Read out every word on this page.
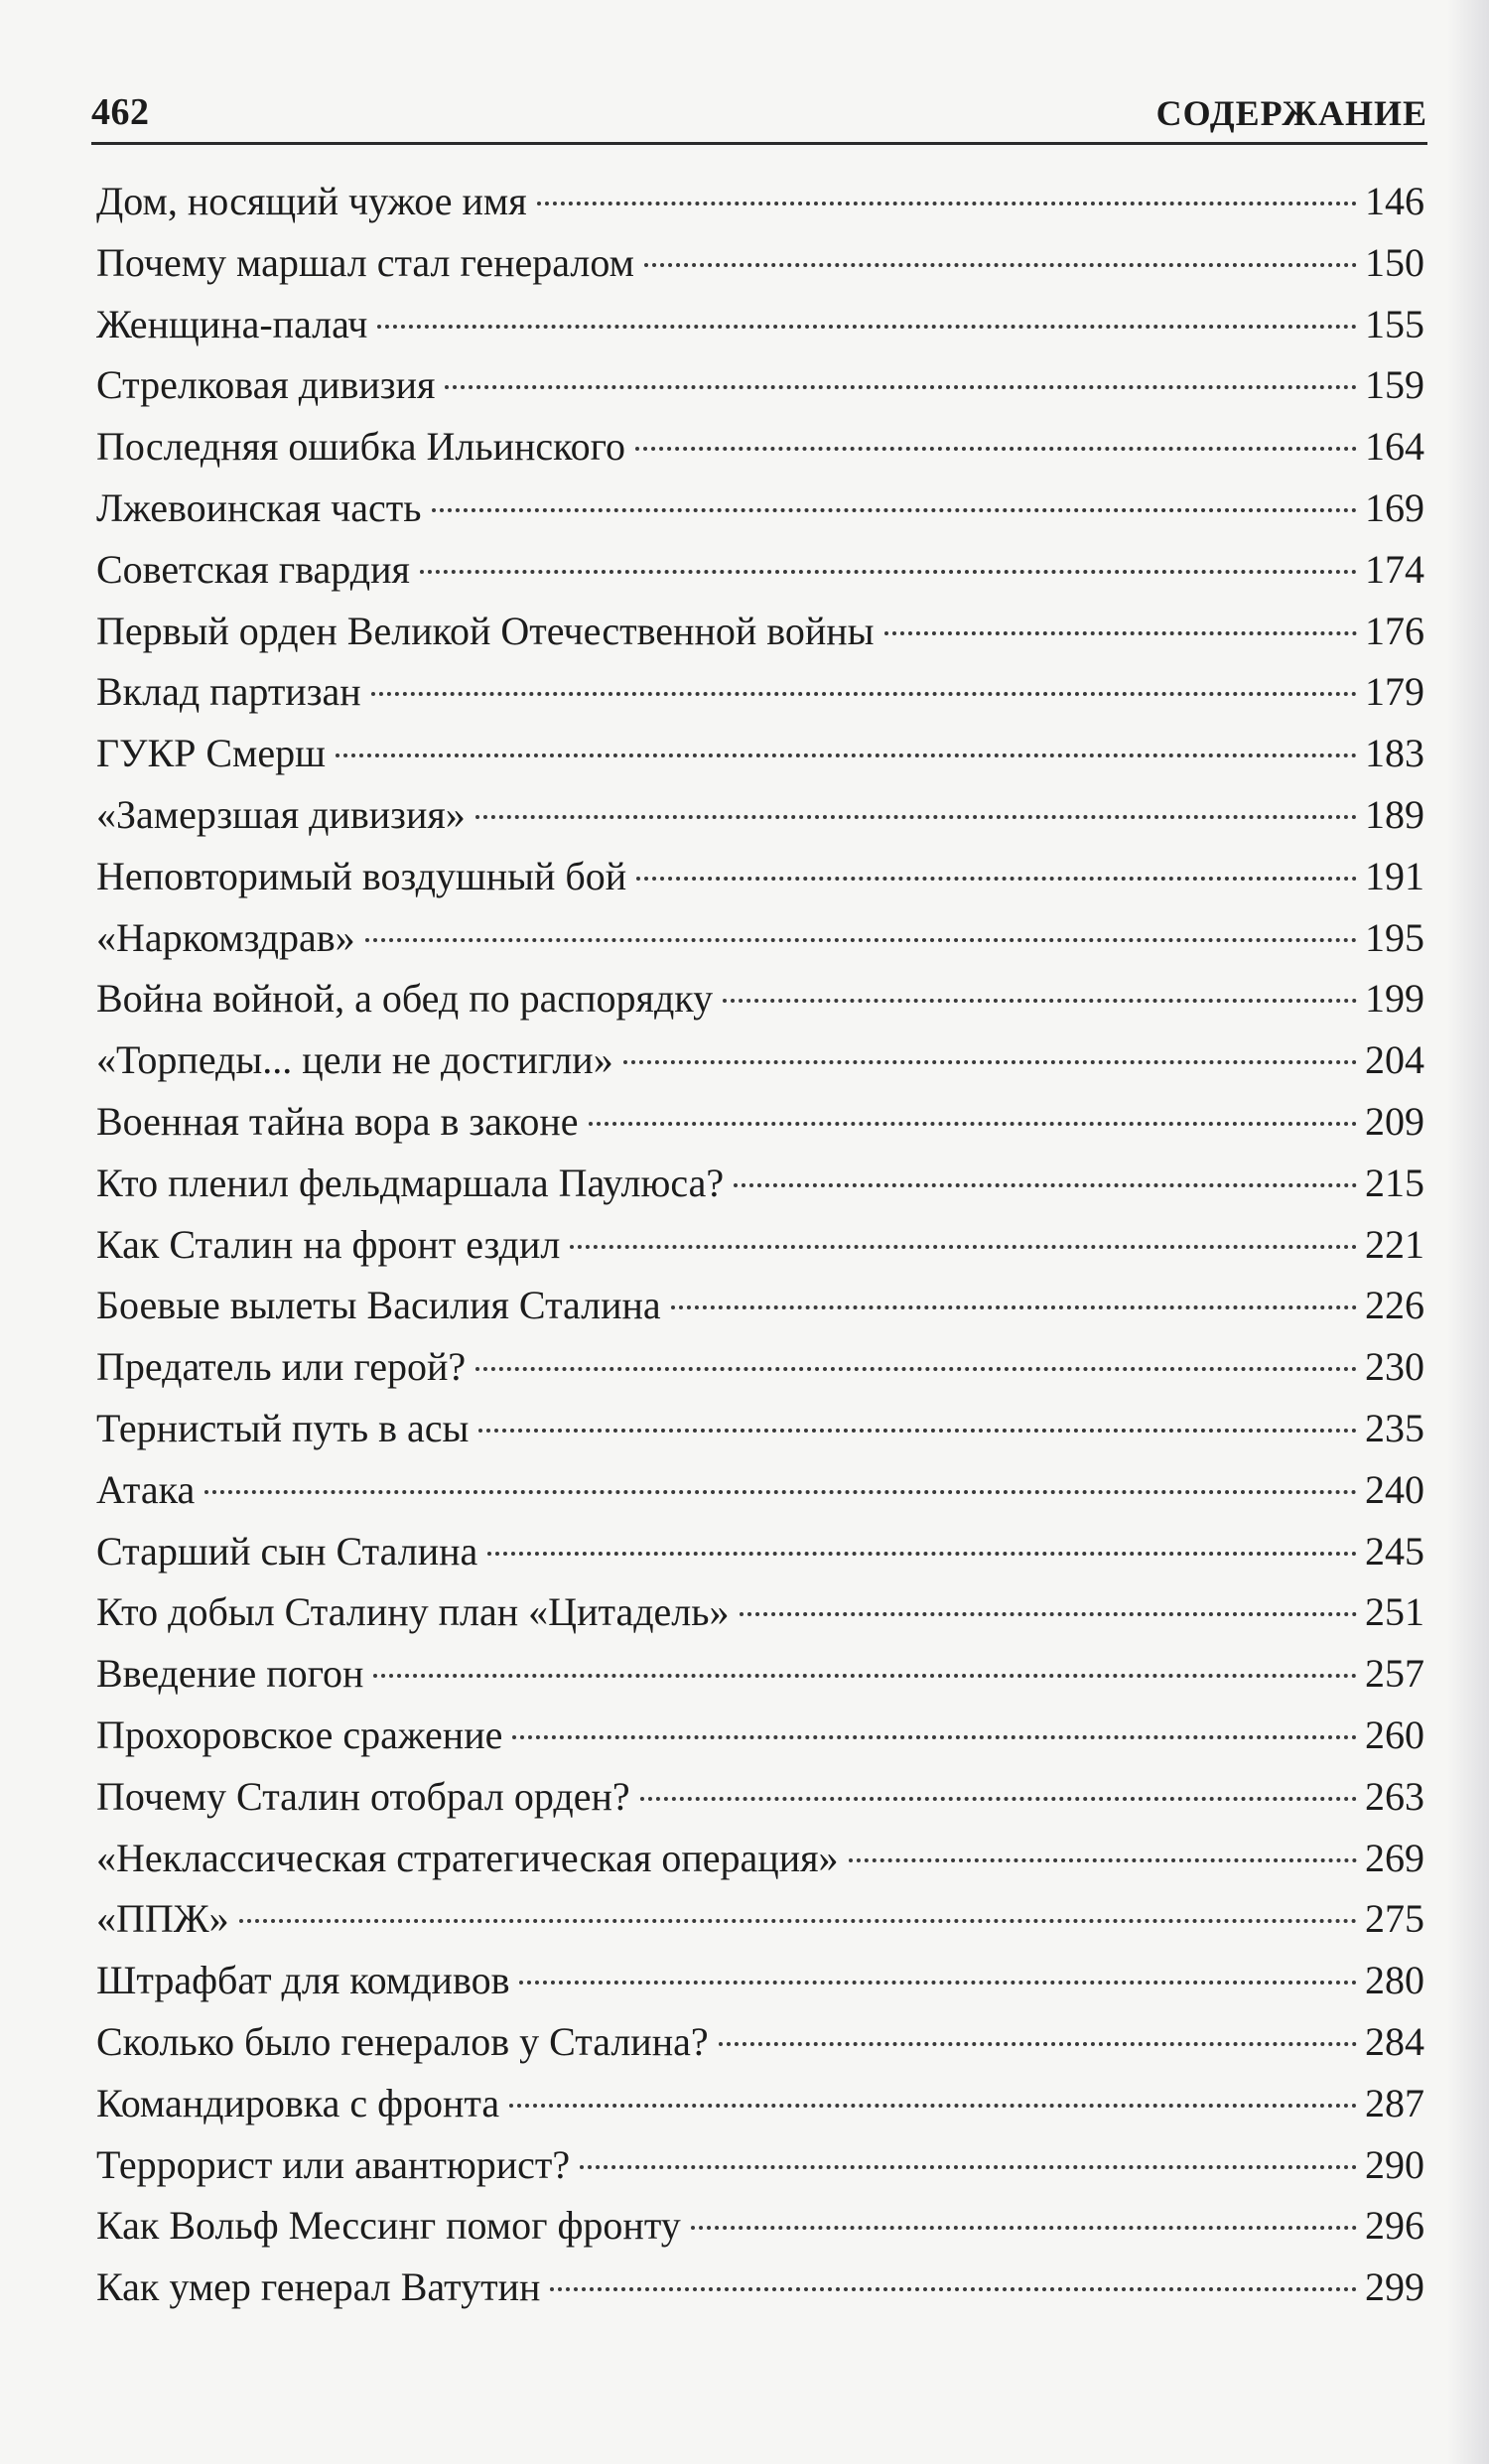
462	СОДЕРЖАНИЕ
Дом, носящий чужое имя	146
Почему маршал стал генералом	150
Женщина-палач	155
Стрелковая дивизия	159
Последняя ошибка Ильинского	164
Лжевоинская часть	169
Советская гвардия	174
Первый орден Великой Отечественной войны	176
Вклад партизан	179
ГУКР Смерш	183
«Замерзшая дивизия»	189
Неповторимый воздушный бой	191
«Наркомздрав»	195
Война войной, а обед по распорядку	199
«Торпеды... цели не достигли»	204
Военная тайна вора в законе	209
Кто пленил фельдмаршала Паулюса?	215
Как Сталин на фронт ездил	221
Боевые вылеты Василия Сталина	226
Предатель или герой?	230
Тернистый путь в асы	235
Атака	240
Старший сын Сталина	245
Кто добыл Сталину план «Цитадель»	251
Введение погон	257
Прохоровское сражение	260
Почему Сталин отобрал орден?	263
«Неклассическая стратегическая операция»	269
«ППЖ»	275
Штрафбат для комдивов	280
Сколько было генералов у Сталина?	284
Командировка с фронта	287
Террорист или авантюрист?	290
Как Вольф Мессинг помог фронту	296
Как умер генерал Ватутин	299
